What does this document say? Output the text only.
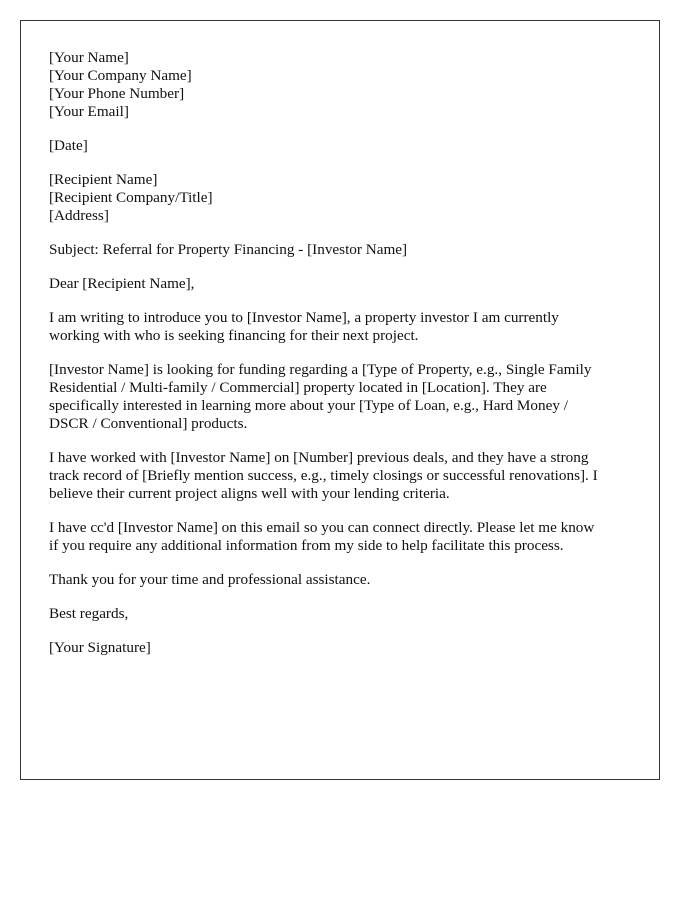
[Your Name]
[Your Company Name]
[Your Phone Number]
[Your Email]
[Date]
[Recipient Name]
[Recipient Company/Title]
[Address]

Subject: Referral for Property Financing - [Investor Name]

Dear [Recipient Name],

I am writing to introduce you to [Investor Name], a property investor I am currently
working with who is seeking financing for their next project.

[Investor Name] is looking for funding regarding a [Type of Property, e.g., Single Family
Residential / Multi-family / Commercial] property located in [Location]. They are
specifically interested in learning more about your [Type of Loan, e.g., Hard Money /
DSCR / Conventional] products.

I have worked with [Investor Name] on [Number] previous deals, and they have a strong
track record of [Briefly mention success, e.g., timely closings or successful renovations]. I
believe their current project aligns well with your lending criteria.

I have cc'd [Investor Name] on this email so you can connect directly. Please let me know
if you require any additional information from my side to help facilitate this process.

Thank you for your time and professional assistance.

Best regards,

[Your Signature]
